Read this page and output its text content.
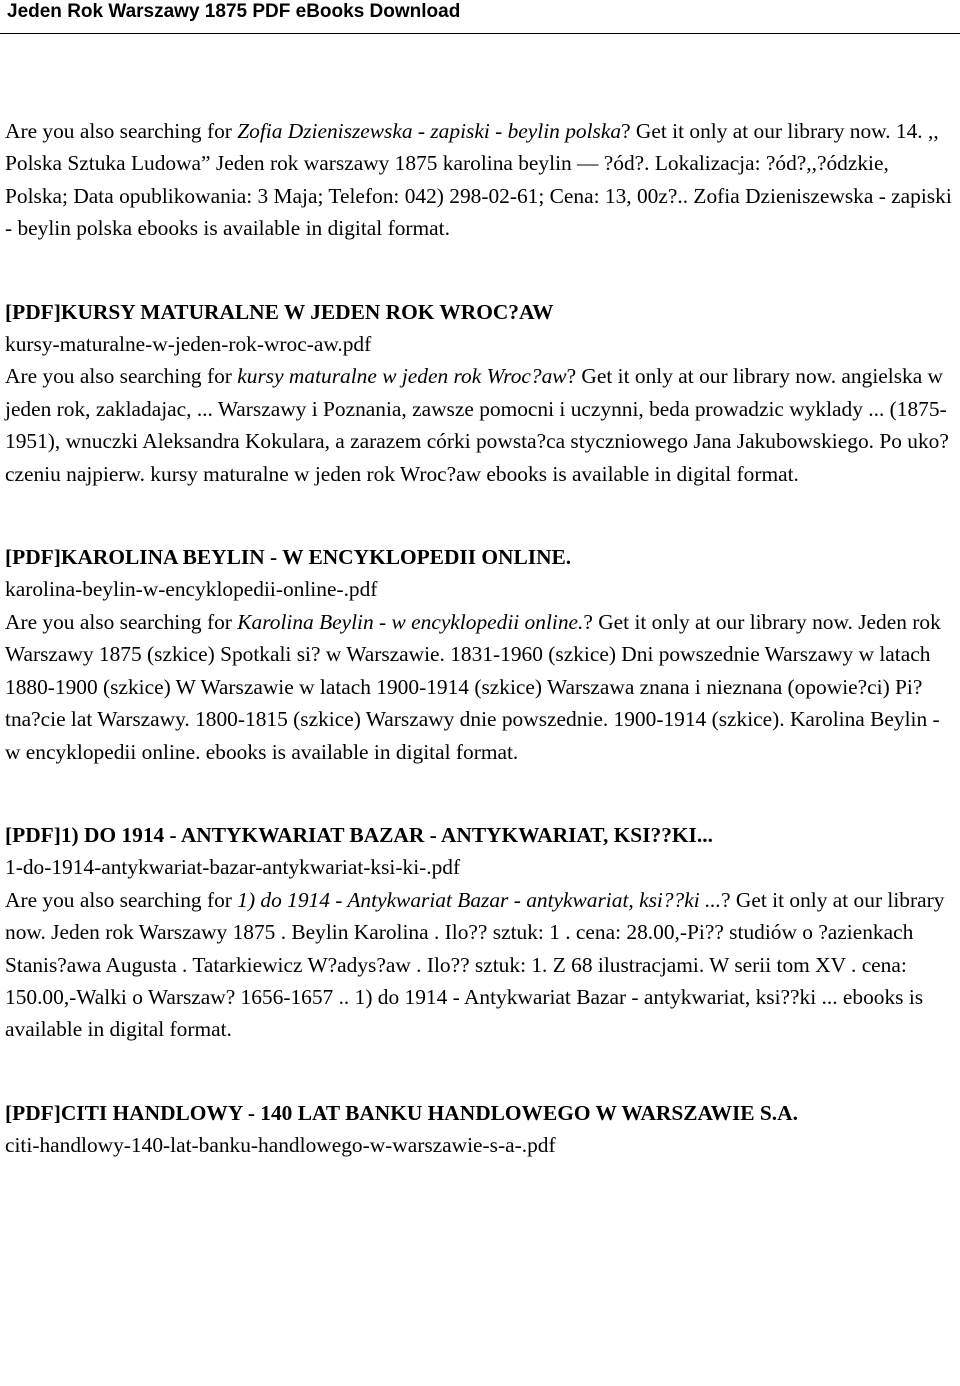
Jeden Rok Warszawy 1875 PDF eBooks Download

Are you also searching for Zofia Dzieniszewska - zapiski - beylin polska? Get it only at our library now. 14. ,, Polska Sztuka Ludowa” Jeden rok warszawy 1875 karolina beylin — ?ód?. Lokalizacja: ?ód?,,?ódzkie, Polska; Data opublikowania: 3 Maja; Telefon: 042) 298-02-61; Cena: 13, 00z?.. Zofia Dzieniszewska - zapiski - beylin polska ebooks is available in digital format.

[PDF]KURSY MATURALNE W JEDEN ROK WROC?AW
kursy-maturalne-w-jeden-rok-wroc-aw.pdf

Are you also searching for kursy maturalne w jeden rok Wroc?aw? Get it only at our library now. angielska w jeden rok, zakladajac, ... Warszawy i Poznania, zawsze pomocni i uczynni, beda prowadzic wyklady ... (1875-1951), wnuczki Aleksandra Kokulara, a zarazem córki powsta?ca styczniowego Jana Jakubowskiego. Po uko?czeniu najpierw. kursy maturalne w jeden rok Wroc?aw ebooks is available in digital format.

[PDF]KAROLINA BEYLIN - W ENCYKLOPEDII ONLINE.
karolina-beylin-w-encyklopedii-online-.pdf

Are you also searching for Karolina Beylin - w encyklopedii online.? Get it only at our library now. Jeden rok Warszawy 1875 (szkice) Spotkali si? w Warszawie. 1831-1960 (szkice) Dni powszednie Warszawy w latach 1880-1900 (szkice) W Warszawie w latach 1900-1914 (szkice) Warszawa znana i nieznana (opowie?ci) Pi?tna?cie lat Warszawy. 1800-1815 (szkice) Warszawy dnie powszednie. 1900-1914 (szkice). Karolina Beylin - w encyklopedii online. ebooks is available in digital format.

[PDF]1) DO 1914 - ANTYKWARIAT BAZAR - ANTYKWARIAT, KSI??KI...
1-do-1914-antykwariat-bazar-antykwariat-ksi-ki-.pdf

Are you also searching for 1) do 1914 - Antykwariat Bazar - antykwariat, ksi??ki ...? Get it only at our library now. Jeden rok Warszawy 1875 . Beylin Karolina . Ilo?? sztuk: 1 . cena: 28.00,-Pi?? studiów o ?azienkach Stanis?awa Augusta . Tatarkiewicz W?adys?aw . Ilo?? sztuk: 1. Z 68 ilustracjami. W serii tom XV . cena: 150.00,-Walki o Warszaw? 1656-1657 .. 1) do 1914 - Antykwariat Bazar - antykwariat, ksi??ki ... ebooks is available in digital format.

[PDF]CITI HANDLOWY - 140 LAT BANKU HANDLOWEGO W WARSZAWIE S.A.
citi-handlowy-140-lat-banku-handlowego-w-warszawie-s-a-.pdf
